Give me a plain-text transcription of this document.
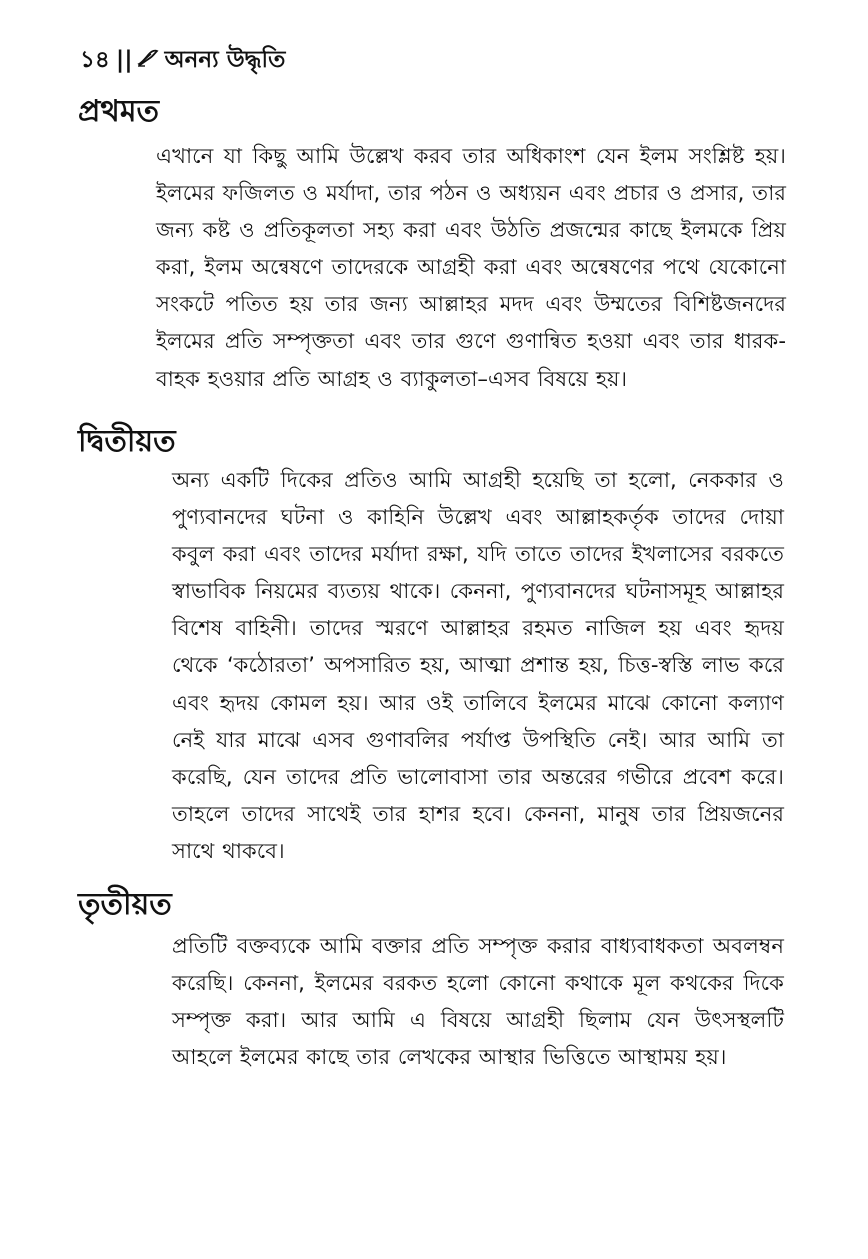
১৪ || অনন্য উদ্ধৃতি
প্রথমত

এখানে যা কিছু আমি উল্লেখ করব তার অধিকাংশ যেন ইলম সংশ্লিষ্ট হয়। ইলমের ফজিলত ও মর্যাদা, তার পঠন ও অধ্যয়ন এবং প্রচার ও প্রসার, তার জন্য কষ্ট ও প্রতিকূলতা সহ্য করা এবং উঠতি প্রজন্মের কাছে ইলমকে প্রিয় করা, ইলম অন্বেষণে তাদেরকে আগ্রহী করা এবং অন্বেষণের পথে যেকোনো সংকটে পতিত হয় তার জন্য আল্লাহর মদদ এবং উম্মতের বিশিষ্টজনদের ইলমের প্রতি সম্পৃক্ততা এবং তার গুণে গুণান্বিত হওয়া এবং তার ধারক-বাহক হওয়ার প্রতি আগ্রহ ও ব্যাকুলতা–এসব বিষয়ে হয়।

দ্বিতীয়ত

অন্য একটি দিকের প্রতিও আমি আগ্রহী হয়েছি তা হলো, নেককার ও পুণ্যবানদের ঘটনা ও কাহিনি উল্লেখ এবং আল্লাহকর্তৃক তাদের দোয়া কবুল করা এবং তাদের মর্যাদা রক্ষা, যদি তাতে তাদের ইখলাসের বরকতে স্বাভাবিক নিয়মের ব্যত্যয় থাকে। কেননা, পুণ্যবানদের ঘটনাসমূহ আল্লাহর বিশেষ বাহিনী। তাদের স্মরণে আল্লাহর রহমত নাজিল হয় এবং হৃদয় থেকে ‘কঠোরতা’ অপসারিত হয়, আত্মা প্রশান্ত হয়, চিত্ত-স্বস্তি লাভ করে এবং হৃদয় কোমল হয়। আর ওই তালিবে ইলমের মাঝে কোনো কল্যাণ নেই যার মাঝে এসব গুণাবলির পর্যাপ্ত উপস্থিতি নেই। আর আমি তা করেছি, যেন তাদের প্রতি ভালোবাসা তার অন্তরের গভীরে প্রবেশ করে। তাহলে তাদের সাথেই তার হাশর হবে। কেননা, মানুষ তার প্রিয়জনের সাথে থাকবে।

তৃতীয়ত

প্রতিটি বক্তব্যকে আমি বক্তার প্রতি সম্পৃক্ত করার বাধ্যবাধকতা অবলম্বন করেছি। কেননা, ইলমের বরকত হলো কোনো কথাকে মূল কথকের দিকে সম্পৃক্ত করা। আর আমি এ বিষয়ে আগ্রহী ছিলাম যেন উৎসস্থলটি আহলে ইলমের কাছে তার লেখকের আস্থার ভিত্তিতে আস্থাময় হয়।
